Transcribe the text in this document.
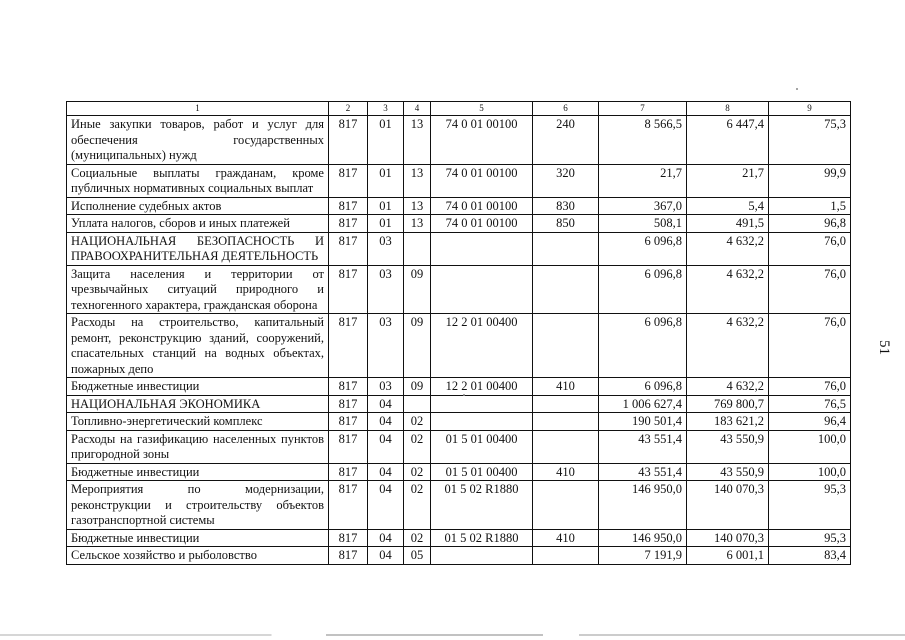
1	2	3	4	5	6	7	8	9
Иные закупки товаров, работ и услуг для обеспечения государственных (муниципальных) нужд	817	01	13	74 0 01 00100	240	8 566,5	6 447,4	75,3
Социальные выплаты гражданам, кроме публичных нормативных социальных выплат	817	01	13	74 0 01 00100	320	21,7	21,7	99,9
Исполнение судебных актов	817	01	13	74 0 01 00100	830	367,0	5,4	1,5
Уплата налогов, сборов и иных платежей	817	01	13	74 0 01 00100	850	508,1	491,5	96,8
НАЦИОНАЛЬНАЯ БЕЗОПАСНОСТЬ И ПРАВООХРАНИТЕЛЬНАЯ ДЕЯТЕЛЬНОСТЬ	817	03				6 096,8	4 632,2	76,0
Защита населения и территории от чрезвычайных ситуаций природного и техногенного характера, гражданская оборона	817	03	09			6 096,8	4 632,2	76,0
Расходы на строительство, капитальный ремонт, реконструкцию зданий, сооружений, спасательных станций на водных объектах, пожарных депо	817	03	09	12 2 01 00400		6 096,8	4 632,2	76,0
Бюджетные инвестиции	817	03	09	12 2 01 00400	410	6 096,8	4 632,2	76,0
НАЦИОНАЛЬНАЯ ЭКОНОМИКА	817	04				1 006 627,4	769 800,7	76,5
Топливно-энергетический комплекс	817	04	02			190 501,4	183 621,2	96,4
Расходы на газификацию населенных пунктов пригородной зоны	817	04	02	01 5 01 00400		43 551,4	43 550,9	100,0
Бюджетные инвестиции	817	04	02	01 5 01 00400	410	43 551,4	43 550,9	100,0
Мероприятия по модернизации, реконструкции и строительству объектов газотранспортной системы	817	04	02	01 5 02 R1880		146 950,0	140 070,3	95,3
Бюджетные инвестиции	817	04	02	01 5 02 R1880	410	146 950,0	140 070,3	95,3
Сельское хозяйство и рыболовство	817	04	05			7 191,9	6 001,1	83,4
51
